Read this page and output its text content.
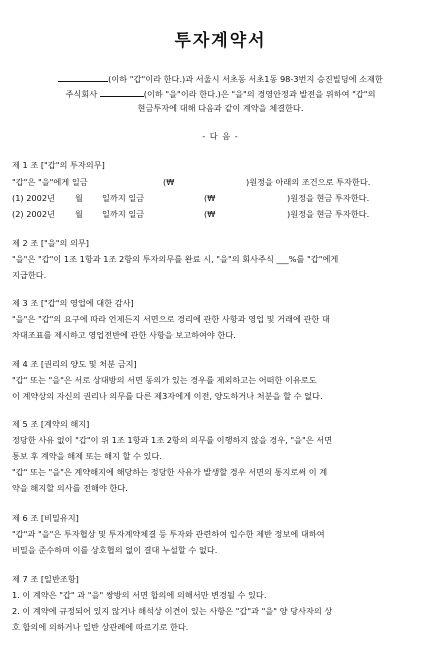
투자계약서
(이하 "갑"이라 한다.)과 서울시 서초동 서초1동 98-3번지 승진빌딩에 소재한
주식회사	(이하 "을"이라 한다.)은 "을"의 경영안정과 발전을 위하여 "갑"의
현금투자에 대해 다음과 같이 계약을 체결한다.
- 다 음 -
제 1 조 ["갑"의 투자의무]
"갑"은 "을"에게 일금	(₩	)원정을 아래의 조건으로 투자한다.
(1) 2002년 월 일까지 일금	(₩	)원정을 현금 투자한다.
(2) 2002년 월 일까지 일금	(₩	)원정을 현금 투자한다.
제 2 조 ["을"의 의무]
"을"은 "갑"이 1조 1항과 1조 2항의 투자의무를 완료 시, "을"의 회사주식 ___%를 "갑"에게
지급한다.
제 3 조 ["갑"의 영업에 대한 감사]
"을"은 "갑"의 요구에 따라 언제든지 서면으로 경리에 관한 사항과 영업 및 거래에 관한 대
차대조표를 제시하고 영업전반에 관한 사항을 보고하여야 한다.
제 4 조 [권리의 양도 및 처분 금지]
"갑" 또는 "을"은 서로 상대방의 서면 동의가 있는 경우를 제외하고는 어떠한 이유로도
이 계약상의 자신의 권리나 의무를 다른 제3자에게 이전, 양도하거나 처분을 할 수 없다.
제 5 조 [계약의 해지]
정당한 사유 없이 "갑"이 위 1조 1항과 1조 2항의 의무를 이행하지 않을 경우, "을"은 서면
통보 후 계약을 해제 또는 해지 할 수 있다.
"갑" 또는 "을"은 계약해지에 해당하는 정당한 사유가 발생할 경우 서면의 통지로써 이 계
약을 해지할 의사를 전해야 한다.
제 6 조 [비밀유지]
"갑"과 "을"은 투자협상 및 투자계약체결 등 투자와 관련하여 입수한 제반 정보에 대하여
비밀을 준수하며 이를 상호협의 없이 결대 누설할 수 없다.
제 7 조 [일반조항]
1. 이 계약은 "갑" 과 "을" 쌍방의 서면 합의에 의해서만 변경될 수 있다.
2. 이 계약에 규정되어 있지 않거나 해석상 이견이 있는 사항은 "갑"과 "을" 양 당사자의 상
호 합의에 의하거나 일반 상관례에 따르기로 한다.
